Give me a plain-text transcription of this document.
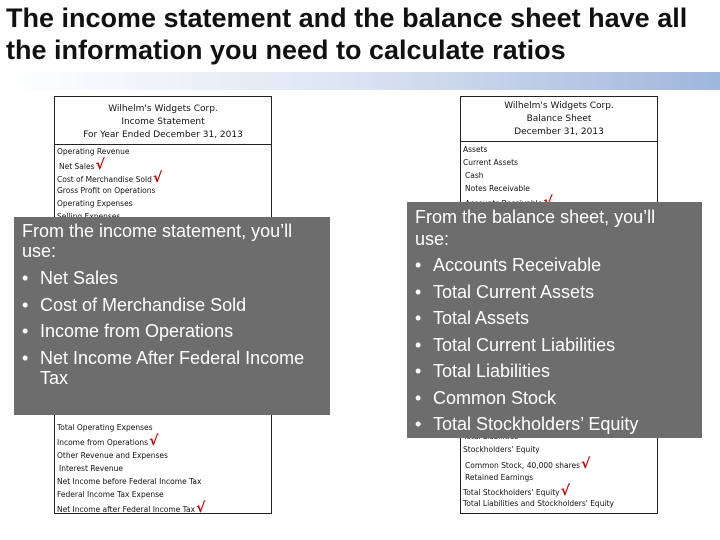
The income statement and the balance sheet have all
the information you need to calculate ratios
Wilhelm's Widgets Corp.
Income Statement
For Year Ended December 31, 2013
Operating Revenue
Net Sales√
Cost of Merchandise Sold√
Gross Profit on Operations
Operating Expenses
Total Operating Expenses
Income from Operations√
Other Revenue and Expenses
Interest Revenue
Net Income before Federal Income Tax
Federal Income Tax Expense
Net Income after Federal Income Tax√
Wilhelm's Widgets Corp.
Balance Sheet
December 31, 2013
Assets
Current Assets
Cash
Notes Receivable
Stockholders' Equity
Common Stock, 40,000 shares√
Retained Earnings
Total Stockholders' Equity√
Total Liabilities and Stockholders' Equity
From the income statement, you’ll use:
• Net Sales
• Cost of Merchandise Sold
• Income from Operations
• Net Income After Federal Income Tax
From the balance sheet, you’ll use:
• Accounts Receivable
• Total Current Assets
• Total Assets
• Total Current Liabilities
• Total Liabilities
• Common Stock
• Total Stockholders’ Equity
